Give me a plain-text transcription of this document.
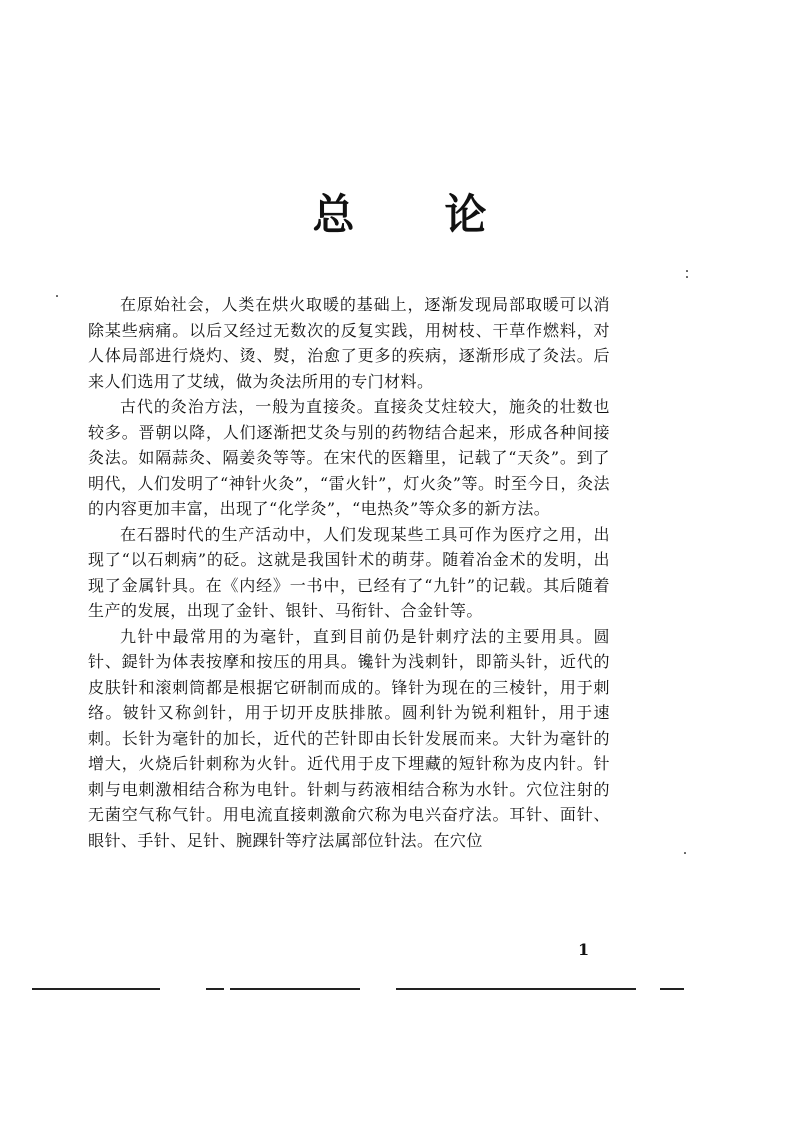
总 论

在原始社会，人类在烘火取暖的基础上，逐渐发现局部取暖可以消除某些病痛。以后又经过无数次的反复实践，用树枝、干草作燃料，对人体局部进行烧灼、烫、熨，治愈了更多的疾病，逐渐形成了灸法。后来人们选用了艾绒，做为灸法所用的专门材料。

古代的灸治方法，一般为直接灸。直接灸艾炷较大，施灸的壮数也较多。晋朝以降，人们逐渐把艾灸与别的药物结合起来，形成各种间接灸法。如隔蒜灸、隔姜灸等等。在宋代的医籍里，记载了“天灸”。到了明代，人们发明了“神针火灸”，“雷火针”，灯火灸”等。时至今日，灸法的内容更加丰富，出现了“化学灸”，“电热灸”等众多的新方法。

在石器时代的生产活动中，人们发现某些工具可作为医疗之用，出现了“以石刺病”的砭。这就是我国针术的萌芽。随着冶金术的发明，出现了金属针具。在《内经》一书中，已经有了“九针”的记载。其后随着生产的发展，出现了金针、银针、马衔针、合金针等。

九针中最常用的为毫针，直到目前仍是针刺疗法的主要用具。圆针、鍉针为体表按摩和按压的用具。镵针为浅刺针，即箭头针，近代的皮肤针和滚刺筒都是根据它研制而成的。锋针为现在的三棱针，用于刺络。铍针又称剑针，用于切开皮肤排脓。圆利针为锐利粗针，用于速刺。长针为毫针的加长，近代的芒针即由长针发展而来。大针为毫针的增大，火烧后针刺称为火针。近代用于皮下埋藏的短针称为皮内针。针刺与电刺激相结合称为电针。针刺与药液相结合称为水针。穴位注射的无菌空气称气针。用电流直接刺激俞穴称为电兴奋疗法。耳针、面针、眼针、手针、足针、腕踝针等疗法属部位针法。在穴位

1
